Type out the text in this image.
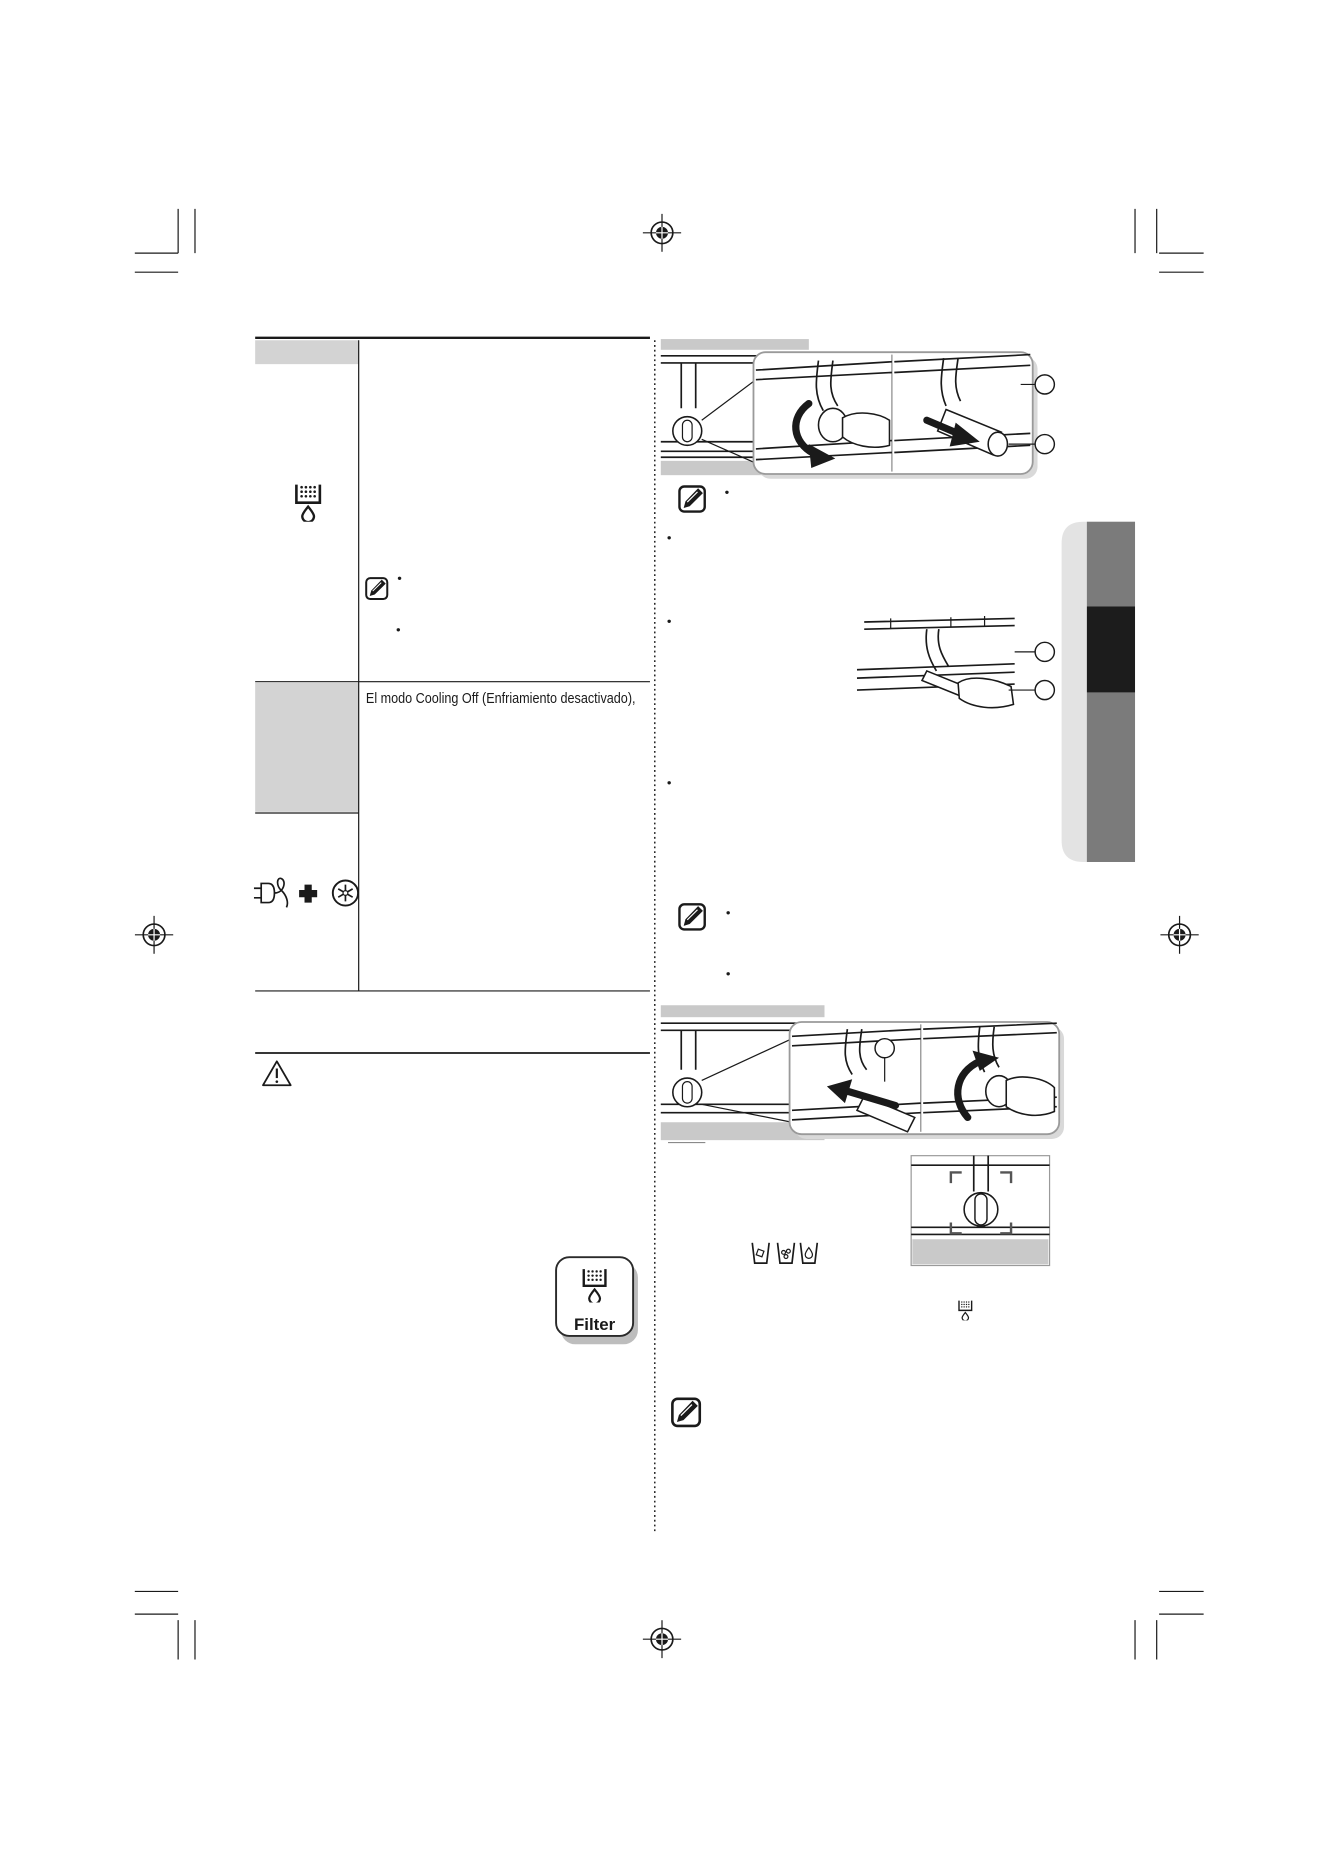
•
•
El modo Cooling Off (Enfriamiento desactivado),
Filter
•
•
•
•
•
•
